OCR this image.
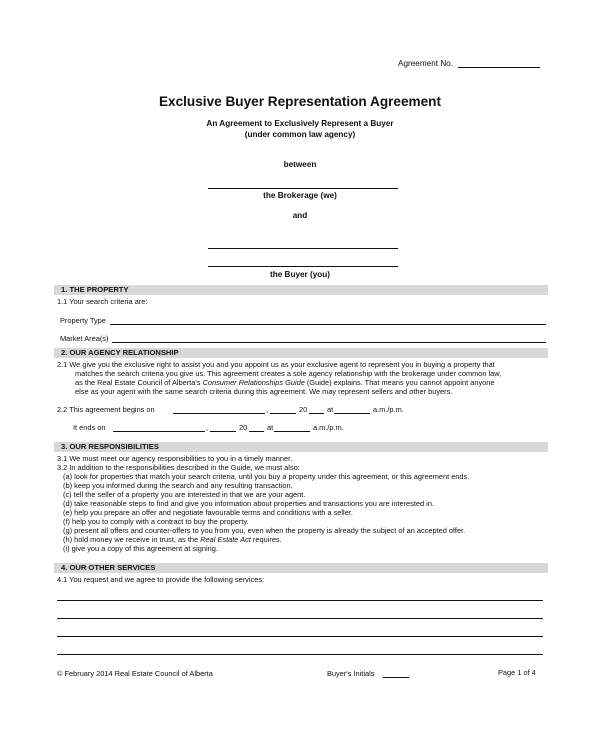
Agreement No.
Exclusive Buyer Representation Agreement
An Agreement to Exclusively Represent a Buyer
(under common law agency)
between
the Brokerage (we)
and
the Buyer (you)
1. THE PROPERTY
1.1 Your search criteria are:
Property Type
Market Area(s)
2. OUR AGENCY RELATIONSHIP
2.1 We give you the exclusive right to assist you and you appoint us as your exclusive agent to represent you in buying a property that
matches the search criteria you give us. This agreement creates a sole agency relationship with the brokerage under common law,
as the Real Estate Council of Alberta's Consumer Relationships Guide (Guide) explains. That means you cannot appoint anyone
else as your agent with the same search criteria during this agreement. We may represent sellers and other buyers.
2.2 This agreement begins on	,	20	at	a.m./p.m.
It ends on	,	20	at	a.m./p.m.
3. OUR RESPONSIBILITIES
3.1 We must meet our agency responsibilities to you in a timely manner.
3.2 In addition to the responsibilities described in the Guide, we must also:
(a) look for properties that match your search criteria, until you buy a property under this agreement, or this agreement ends.
(b) keep you informed during the search and any resulting transaction.
(c) tell the seller of a property you are interested in that we are your agent.
(d) take reasonable steps to find and give you information about properties and transactions you are interested in.
(e) help you prepare an offer and negotiate favourable terms and conditions with a seller.
(f) help you to comply with a contract to buy the property.
(g) present all offers and counter-offers to you from you, even when the property is already the subject of an accepted offer.
(h) hold money we receive in trust, as the Real Estate Act requires.
(i) give you a copy of this agreement at signing.
4. OUR OTHER SERVICES
4.1 You request and we agree to provide the following services:
© February 2014 Real Estate Council of Alberta	Buyer's Initials	Page 1 of 4
